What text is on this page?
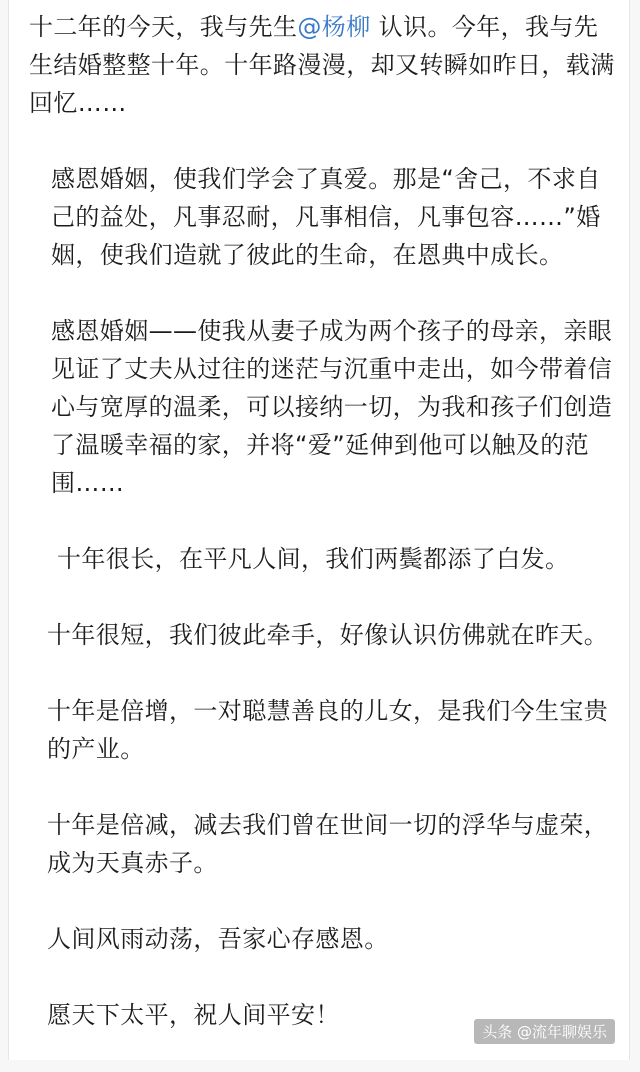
十二年的今天，我与先生@杨柳 认识。今年，我与先生结婚整整十年。十年路漫漫，却又转瞬如昨日，载满回忆……

感恩婚姻，使我们学会了真爱。那是“舍己，不求自己的益处，凡事忍耐，凡事相信，凡事包容……”婚姻，使我们造就了彼此的生命，在恩典中成长。

感恩婚姻——使我从妻子成为两个孩子的母亲，亲眼见证了丈夫从过往的迷茫与沉重中走出，如今带着信心与宽厚的温柔，可以接纳一切，为我和孩子们创造了温暖幸福的家，并将“爱”延伸到他可以触及的范围……

十年很长，在平凡人间，我们两鬓都添了白发。

十年很短，我们彼此牵手，好像认识仿佛就在昨天。

十年是倍增，一对聪慧善良的儿女，是我们今生宝贵的产业。

十年是倍减，减去我们曾在世间一切的浮华与虚荣，成为天真赤子。

人间风雨动荡，吾家心存感恩。

愿天下太平，祝人间平安！

头条 @流年聊娱乐
